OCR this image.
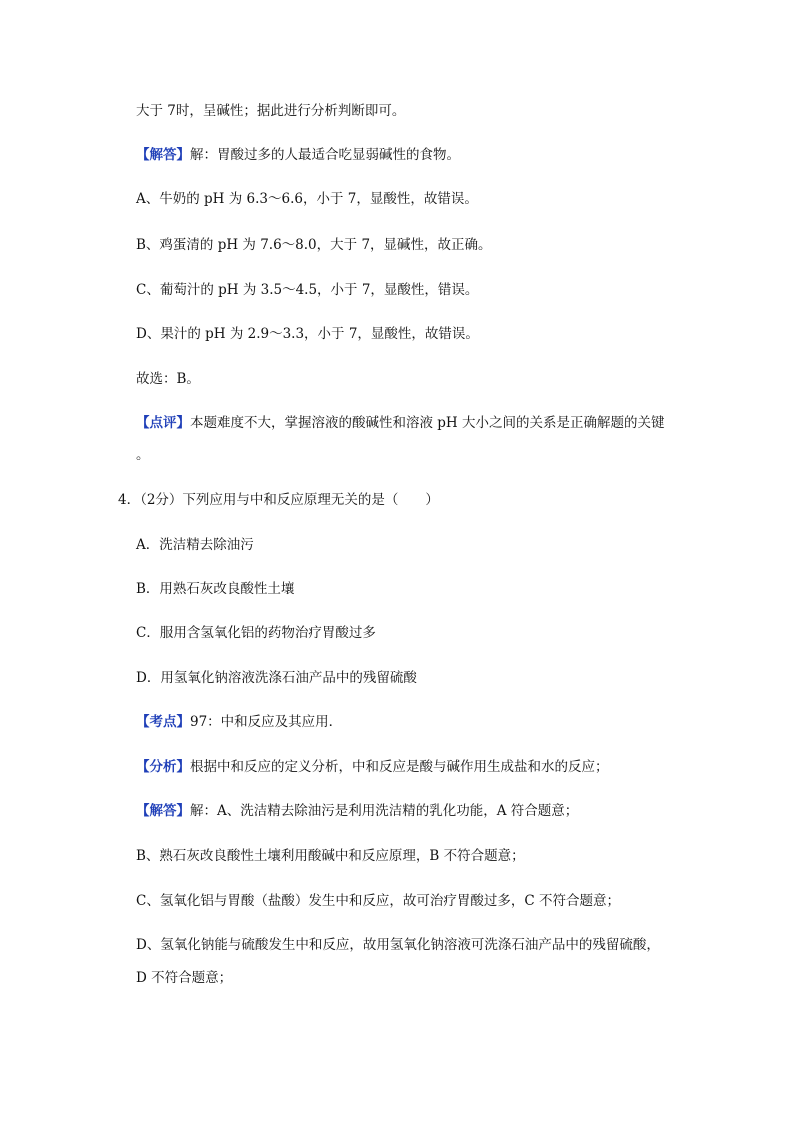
大于 7时，呈碱性；据此进行分析判断即可。
【解答】解：胃酸过多的人最适合吃显弱碱性的食物。
A、牛奶的 pH 为 6.3～6.6，小于 7，显酸性，故错误。
B、鸡蛋清的 pH 为 7.6～8.0，大于 7，显碱性，故正确。
C、葡萄汁的 pH 为 3.5～4.5，小于 7，显酸性，错误。
D、果汁的 pH 为 2.9～3.3，小于 7，显酸性，故错误。
故选：B。
【点评】本题难度不大，掌握溶液的酸碱性和溶液 pH 大小之间的关系是正确解题的关键
。
4．（2分）下列应用与中和反应原理无关的是（　　）
A．洗洁精去除油污
B．用熟石灰改良酸性土壤
C．服用含氢氧化铝的药物治疗胃酸过多
D．用氢氧化钠溶液洗涤石油产品中的残留硫酸
【考点】97：中和反应及其应用．
【分析】根据中和反应的定义分析，中和反应是酸与碱作用生成盐和水的反应；
【解答】解：A、洗洁精去除油污是利用洗洁精的乳化功能，A 符合题意；
B、熟石灰改良酸性土壤利用酸碱中和反应原理，B 不符合题意；
C、氢氧化铝与胃酸（盐酸）发生中和反应，故可治疗胃酸过多，C 不符合题意；
D、氢氧化钠能与硫酸发生中和反应，故用氢氧化钠溶液可洗涤石油产品中的残留硫酸，
D 不符合题意；
